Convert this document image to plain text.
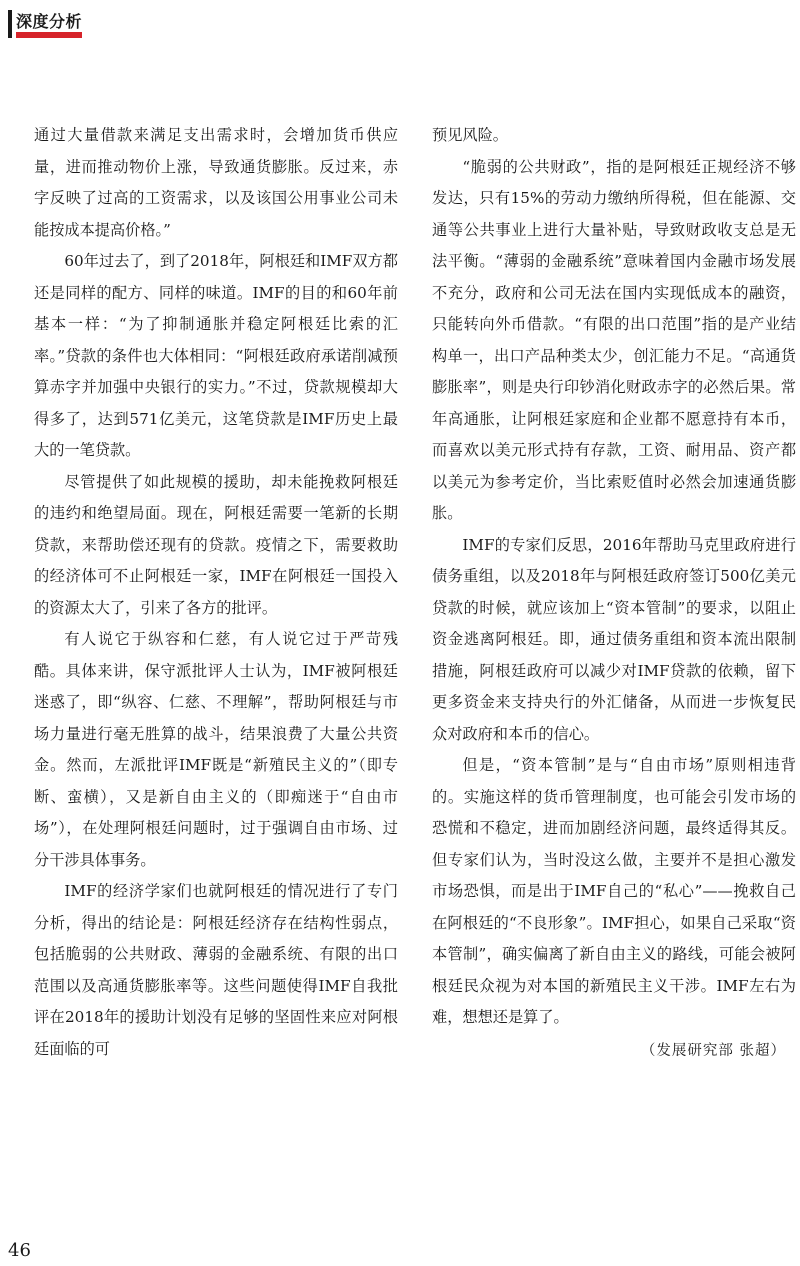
深度分析

通过大量借款来满足支出需求时，会增加货币供应量，进而推动物价上涨，导致通货膨胀。反过来，赤字反映了过高的工资需求，以及该国公用事业公司未能按成本提高价格。”

60年过去了，到了2018年，阿根廷和IMF双方都还是同样的配方、同样的味道。IMF的目的和60年前基本一样：“为了抑制通胀并稳定阿根廷比索的汇率。”贷款的条件也大体相同：“阿根廷政府承诺削减预算赤字并加强中央银行的实力。”不过，贷款规模却大得多了，达到571亿美元，这笔贷款是IMF历史上最大的一笔贷款。

尽管提供了如此规模的援助，却未能挽救阿根廷的违约和绝望局面。现在，阿根廷需要一笔新的长期贷款，来帮助偿还现有的贷款。疫情之下，需要救助的经济体可不止阿根廷一家，IMF在阿根廷一国投入的资源太大了，引来了各方的批评。

有人说它于纵容和仁慈，有人说它过于严苛残酷。具体来讲，保守派批评人士认为，IMF被阿根廷迷惑了，即“纵容、仁慈、不理解”，帮助阿根廷与市场力量进行毫无胜算的战斗，结果浪费了大量公共资金。然而，左派批评IMF既是“新殖民主义的”（即专断、蛮横），又是新自由主义的（即痴迷于“自由市场”），在处理阿根廷问题时，过于强调自由市场、过分干涉具体事务。

IMF的经济学家们也就阿根廷的情况进行了专门分析，得出的结论是：阿根廷经济存在结构性弱点，包括脆弱的公共财政、薄弱的金融系统、有限的出口范围以及高通货膨胀率等。这些问题使得IMF自我批评在2018年的援助计划没有足够的坚固性来应对阿根廷面临的可

预见风险。

“脆弱的公共财政”，指的是阿根廷正规经济不够发达，只有15%的劳动力缴纳所得税，但在能源、交通等公共事业上进行大量补贴，导致财政收支总是无法平衡。“薄弱的金融系统”意味着国内金融市场发展不充分，政府和公司无法在国内实现低成本的融资，只能转向外币借款。“有限的出口范围”指的是产业结构单一，出口产品种类太少，创汇能力不足。“高通货膨胀率”，则是央行印钞消化财政赤字的必然后果。常年高通胀，让阿根廷家庭和企业都不愿意持有本币，而喜欢以美元形式持有存款，工资、耐用品、资产都以美元为参考定价，当比索贬值时必然会加速通货膨胀。

IMF的专家们反思，2016年帮助马克里政府进行债务重组，以及2018年与阿根廷政府签订500亿美元贷款的时候，就应该加上“资本管制”的要求，以阻止资金逃离阿根廷。即，通过债务重组和资本流出限制措施，阿根廷政府可以减少对IMF贷款的依赖，留下更多资金来支持央行的外汇储备，从而进一步恢复民众对政府和本币的信心。

但是，“资本管制”是与“自由市场”原则相违背的。实施这样的货币管理制度，也可能会引发市场的恐慌和不稳定，进而加剧经济问题，最终适得其反。但专家们认为，当时没这么做，主要并不是担心激发市场恐惧，而是出于IMF自己的“私心”——挽救自己在阿根廷的“不良形象”。IMF担心，如果自己采取“资本管制”，确实偏离了新自由主义的路线，可能会被阿根廷民众视为对本国的新殖民主义干涉。IMF左右为难，想想还是算了。

（发展研究部 张超）

46
